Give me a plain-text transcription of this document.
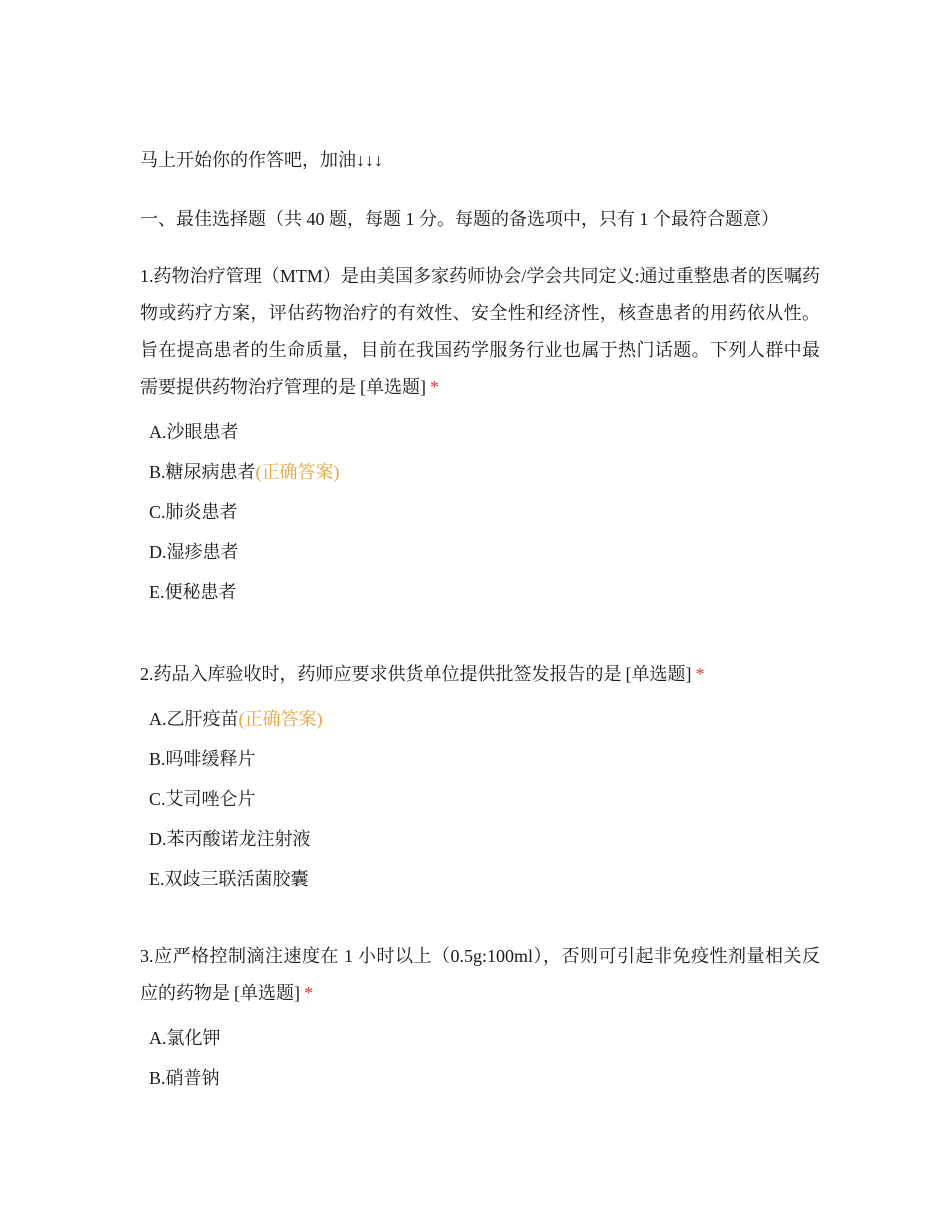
马上开始你的作答吧，加油↓↓↓
一、最佳选择题（共 40 题，每题 1 分。每题的备选项中，只有 1 个最符合题意）

1.药物治疗管理（MTM）是由美国多家药师协会/学会共同定义:通过重整患者的医嘱药物或药疗方案，评估药物治疗的有效性、安全性和经济性，核查患者的用药依从性。旨在提高患者的生命质量，目前在我国药学服务行业也属于热门话题。下列人群中最需要提供药物治疗管理的是 [单选题] *

A.沙眼患者
B.糖尿病患者(正确答案)
C.肺炎患者
D.湿疹患者
E.便秘患者

2.药品入库验收时，药师应要求供货单位提供批签发报告的是 [单选题] *

A.乙肝疫苗(正确答案)
B.吗啡缓释片
C.艾司唑仑片
D.苯丙酸诺龙注射液
E.双歧三联活菌胶囊

3.应严格控制滴注速度在 1 小时以上（0.5g:100ml），否则可引起非免疫性剂量相关反应的药物是 [单选题] *

A.氯化钾
B.硝普钠
